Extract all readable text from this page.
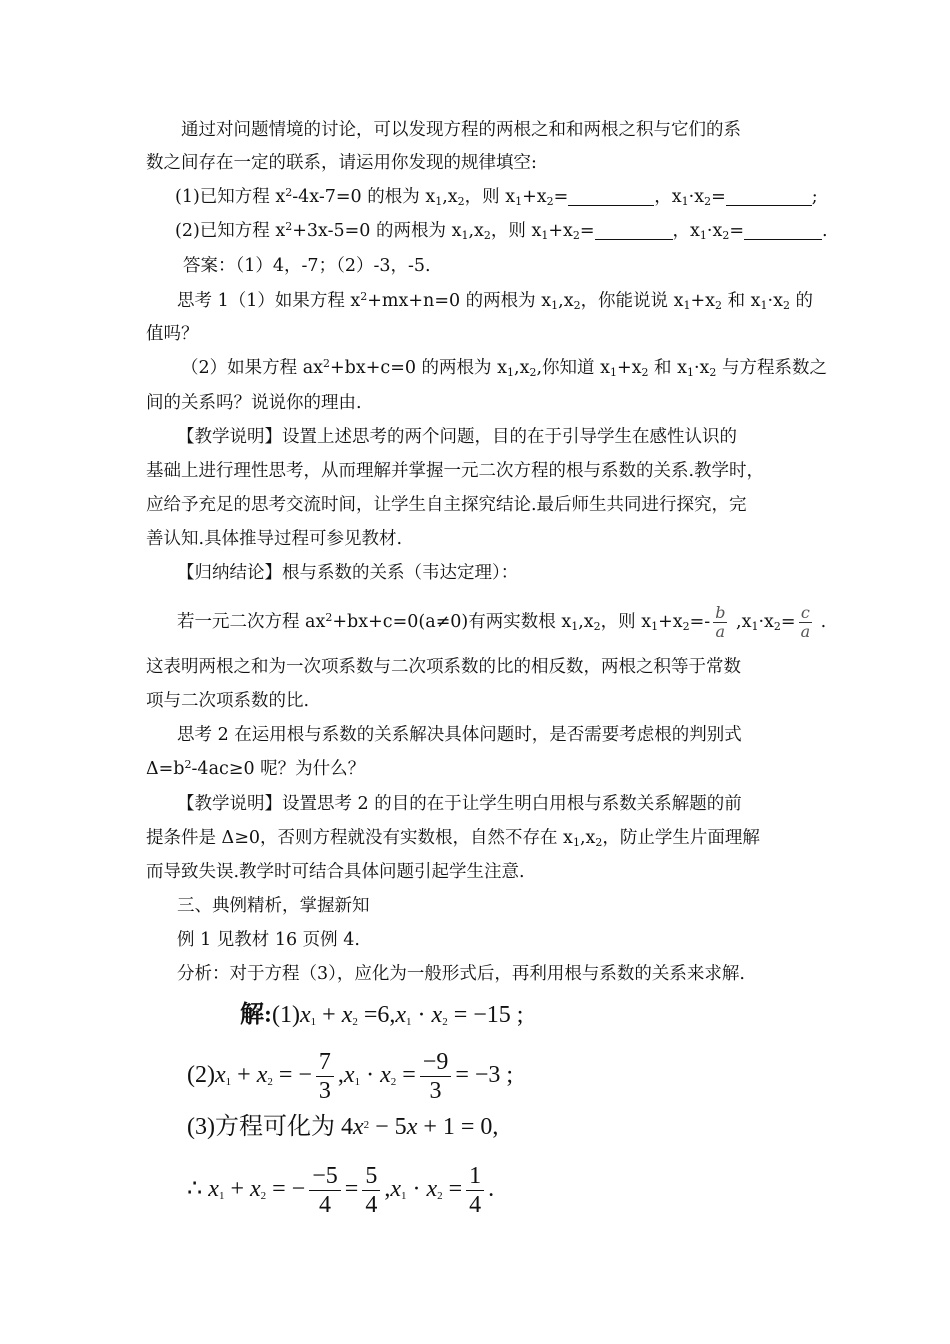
通过对问题情境的讨论，可以发现方程的两根之和和两根之积与它们的系
数之间存在一定的联系，请运用你发现的规律填空:
(1)已知方程 $x^2-4x-7=0$ 的根为 $x_1,x_2$，则 $x_1+x_2=$	，$x_1\cdot x_2=$	;
(2)已知方程 $x^2+3x-5=0$ 的两根为 $x_1,x_2$，则 $x_1+x_2=$	，$x_1\cdot x_2=$	.
答案：（1）4，-7；（2）-3，-5.
思考 1（1）如果方程 $x^2+mx+n=0$ 的两根为 $x_1,x_2$，你能说说 $x_1+x_2$ 和 $x_1\cdot x_2$ 的
值吗？
（2）如果方程 $ax^2+bx+c=0$ 的两根为 $x_1,x_2$,你知道 $x_1+x_2$ 和 $x_1\cdot x_2$ 与方程系数之
间的关系吗？说说你的理由.
【教学说明】设置上述思考的两个问题，目的在于引导学生在感性认识的
基础上进行理性思考，从而理解并掌握一元二次方程的根与系数的关系.教学时，
应给予充足的思考交流时间，让学生自主探究结论.最后师生共同进行探究，完
善认知.具体推导过程可参见教材.
【归纳结论】根与系数的关系（韦达定理）：
若一元二次方程 $ax^2+bx+c=0(a\ne 0)$有两实数根 $x_1,x_2$，则 $x_1+x_2=- \frac{b}{a} ,x_1\cdot x_2= \frac{c}{a}$ .
这表明两根之和为一次项系数与二次项系数的比的相反数，两根之积等于常数
项与二次项系数的比.
思考 2 在运用根与系数的关系解决具体问题时，是否需要考虑根的判别式
$\Delta=b^2-4ac\ge 0$ 呢？为什么？
【教学说明】设置思考 2 的目的在于让学生明白用根与系数关系解题的前
提条件是 Δ≥0，否则方程就没有实数根，自然不存在 $x_1,x_2$，防止学生片面理解
而导致失误.教学时可结合具体问题引起学生注意.
三、典例精析，掌握新知
例 1 见教材 16 页例 4.
分析：对于方程（3），应化为一般形式后，再利用根与系数的关系来求解.
解$:(1)x_1 + x_2 =6,x_1 \cdot x_2 = -15$ ;
$(2)x_1 + x_2$ = − $\frac{7}{3} ,x_1 \cdot x_2 = \frac{-9}{3} = -3$ ;
(3)方程可化为 $4x^2 - 5x + 1 = 0$,
∴ $x_1 + x_2$ = − $\frac{-5}{4} = \frac{5}{4} ,x_1 \cdot x_2 = \frac{1}{4}$ .
